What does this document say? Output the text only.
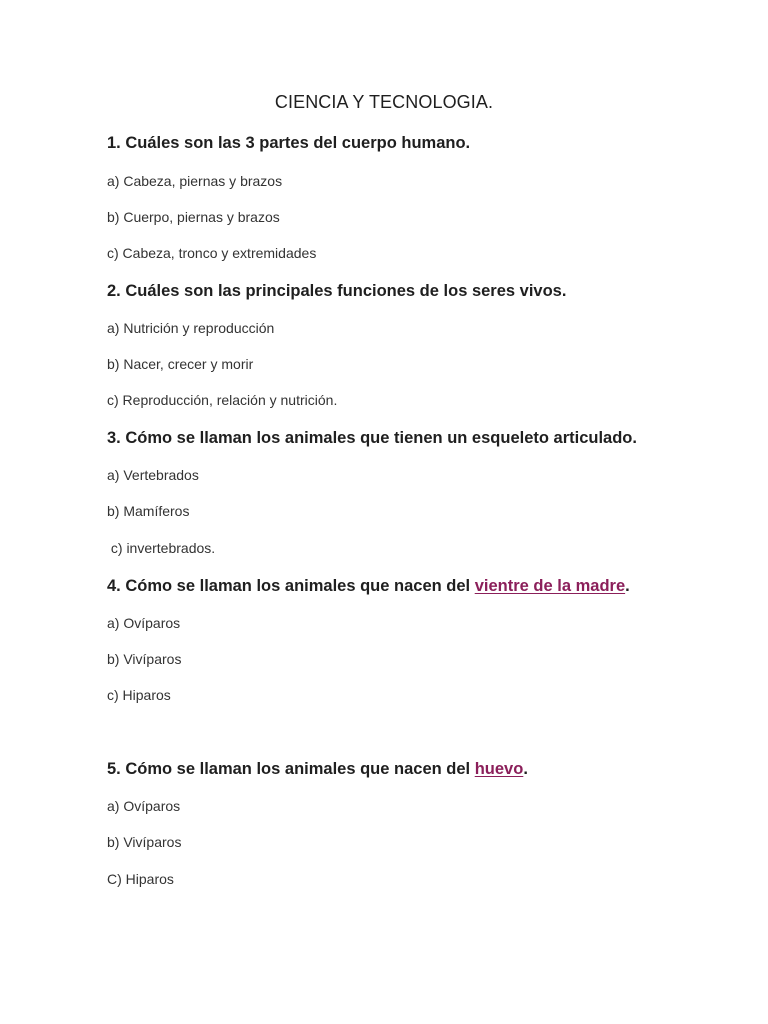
CIENCIA Y TECNOLOGIA.

1. Cuáles son las 3 partes del cuerpo humano.

a) Cabeza, piernas y brazos

b) Cuerpo, piernas y brazos

c) Cabeza, tronco y extremidades

2. Cuáles son las principales funciones de los seres vivos.

a) Nutrición y reproducción

b) Nacer, crecer y morir

c) Reproducción, relación y nutrición.

3. Cómo se llaman los animales que tienen un esqueleto articulado.

a) Vertebrados

b) Mamíferos

c) invertebrados.

4. Cómo se llaman los animales que nacen del vientre de la madre.

a) Ovíparos

b) Vivíparos

c) Hiparos

5. Cómo se llaman los animales que nacen del huevo.

a) Ovíparos

b) Vivíparos

C) Hiparos
